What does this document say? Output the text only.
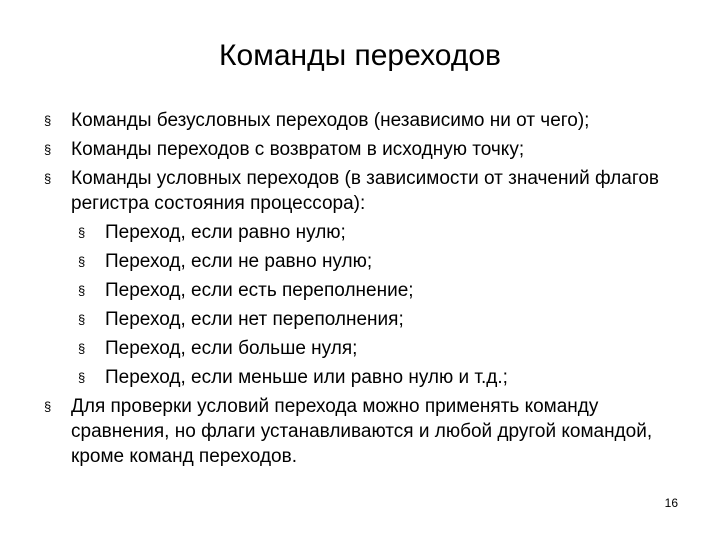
Команды переходов
§ Команды безусловных переходов (независимо ни от чего);
§ Команды переходов с возвратом в исходную точку;
§ Команды условных переходов (в зависимости от значений флагов регистра состояния процессора):
§ Переход, если равно нулю;
§ Переход, если не равно нулю;
§ Переход, если есть переполнение;
§ Переход, если нет переполнения;
§ Переход, если больше нуля;
§ Переход, если меньше или равно нулю и т.д.;
§ Для проверки условий перехода можно применять команду сравнения, но флаги устанавливаются и любой другой командой, кроме команд переходов.
16
